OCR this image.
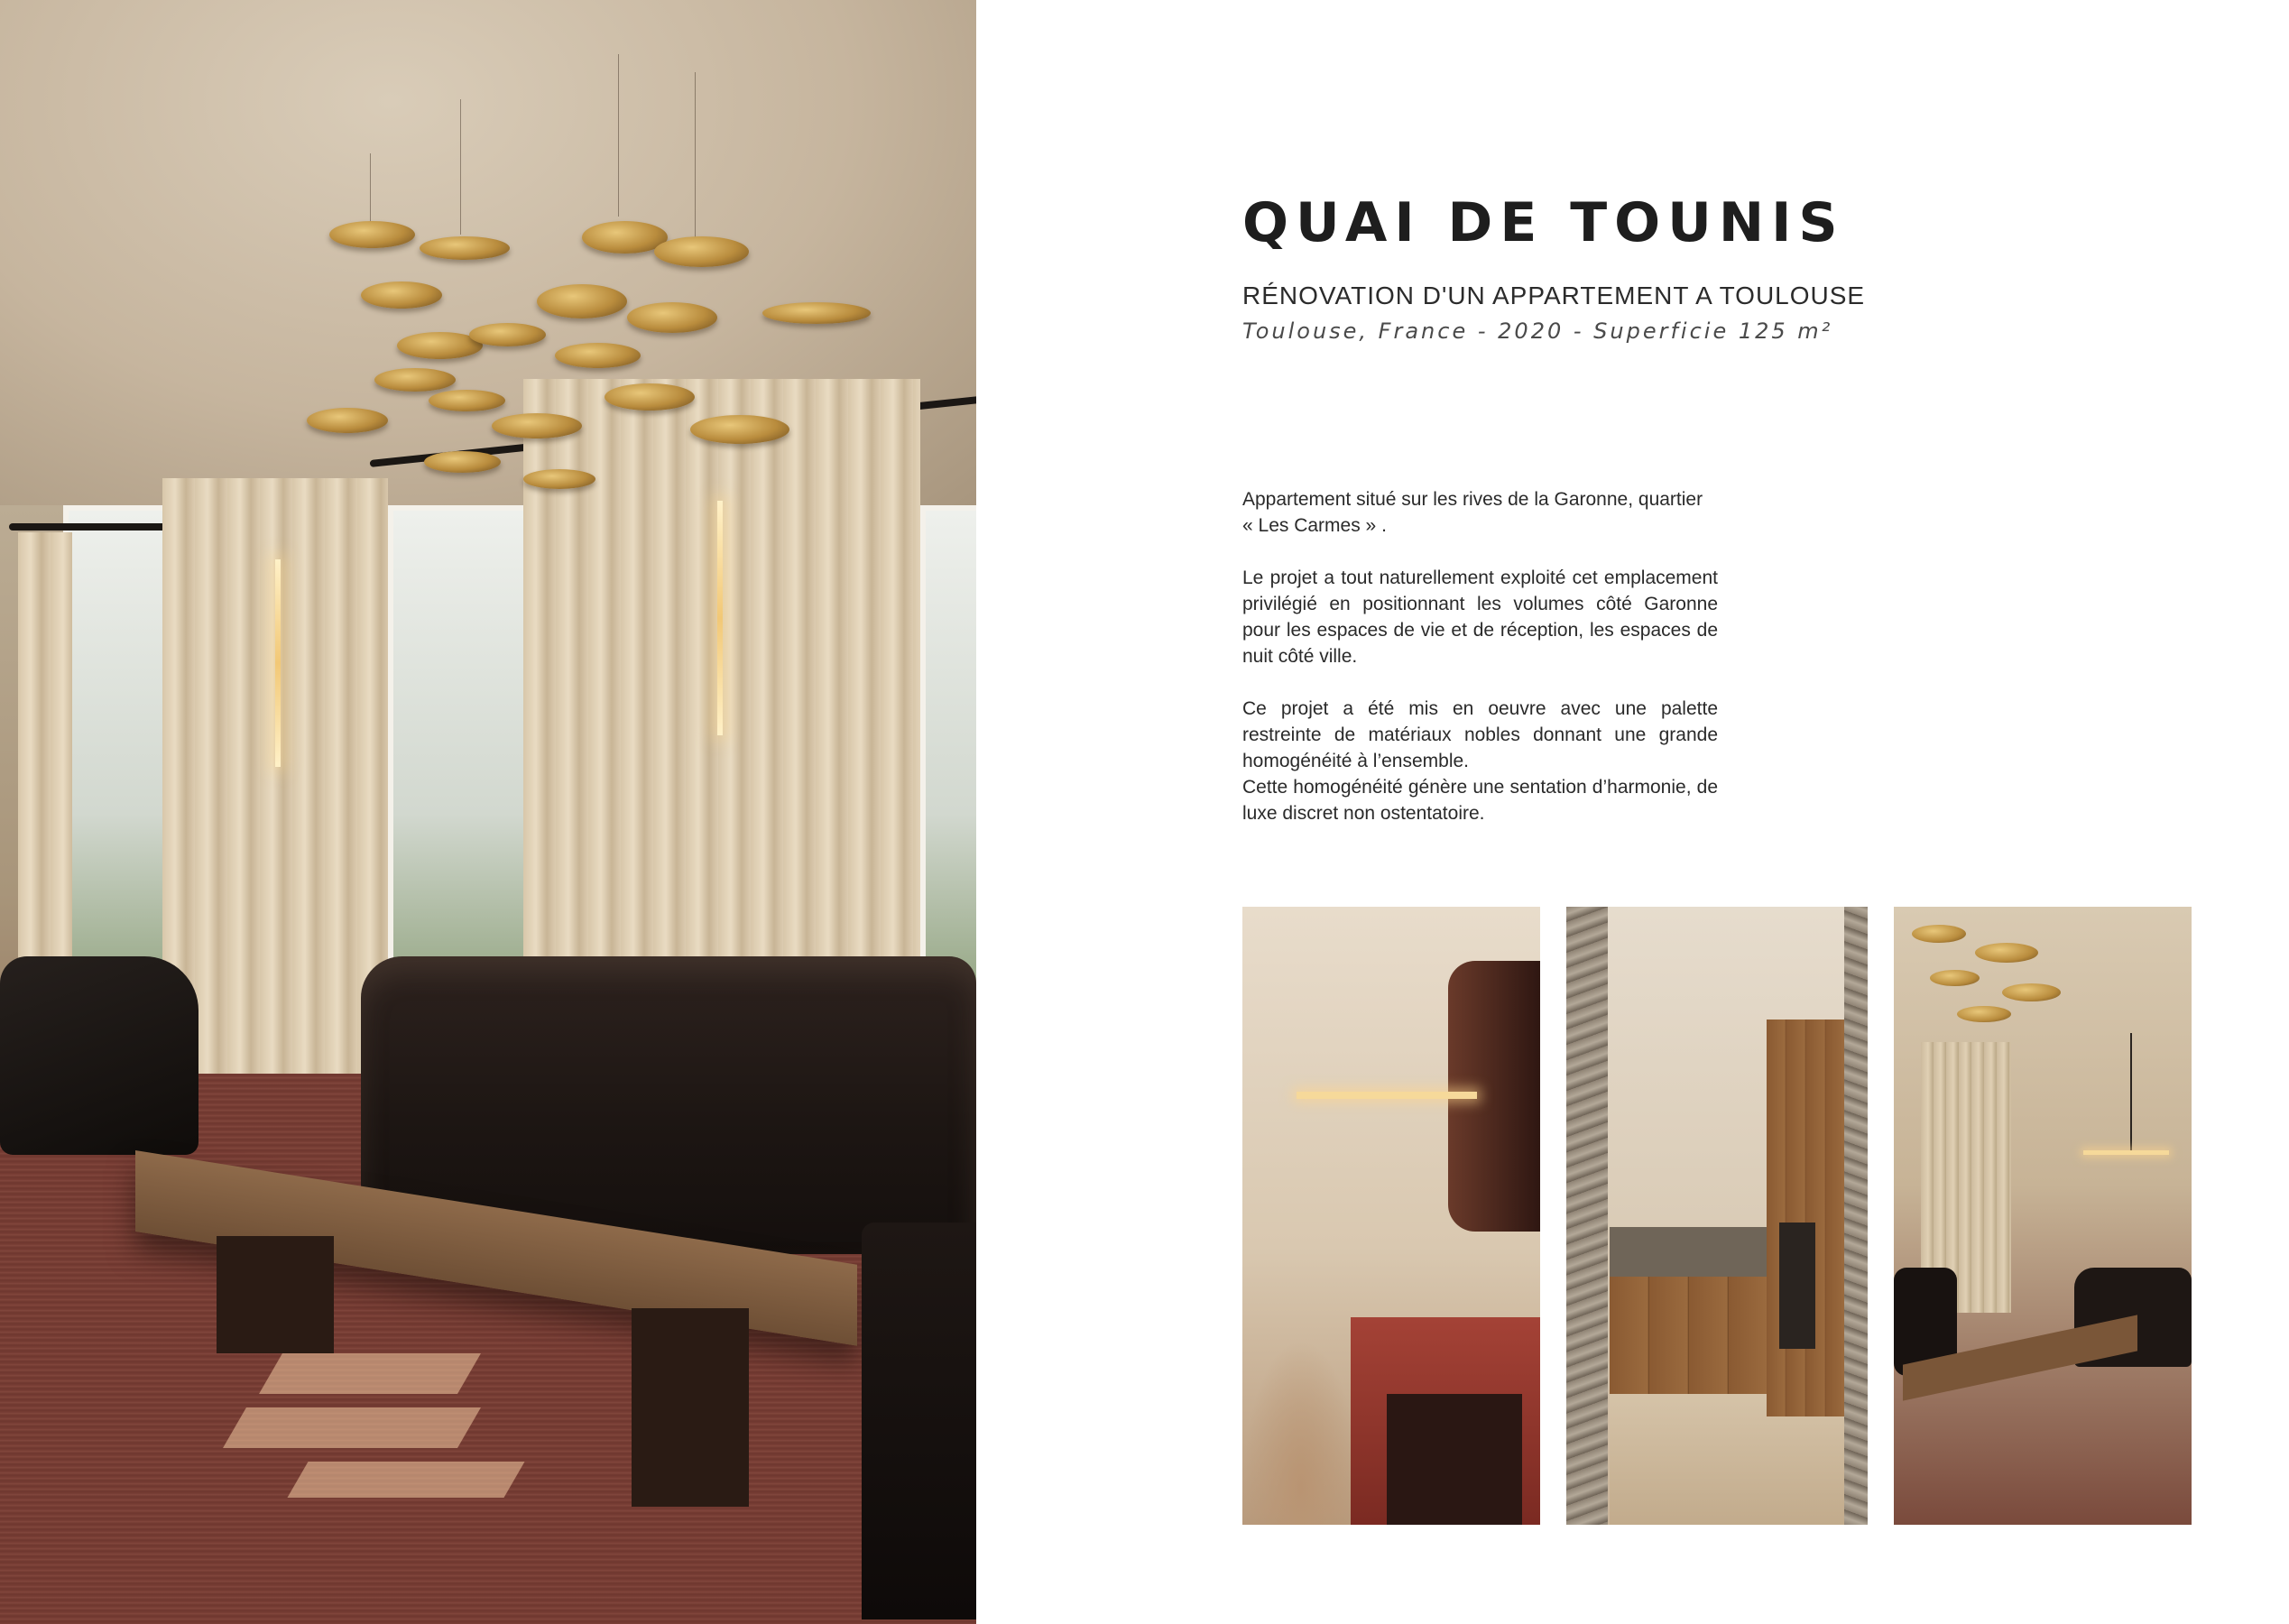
QUAI DE TOUNIS
RÉNOVATION D'UN APPARTEMENT A TOULOUSE
Toulouse, France - 2020 - Superficie 125 m²

Appartement situé sur les rives de la Garonne, quartier
« Les Carmes » .

Le projet a tout naturellement exploité cet emplacement privilégié en positionnant les volumes côté Garonne pour les espaces de vie et de réception, les espaces de nuit côté ville.

Ce projet a été mis en oeuvre avec une palette restreinte de matériaux nobles donnant une grande homogénéité à l’ensemble.

Cette homogénéité génère une sentation d’harmonie, de luxe discret non ostentatoire.
